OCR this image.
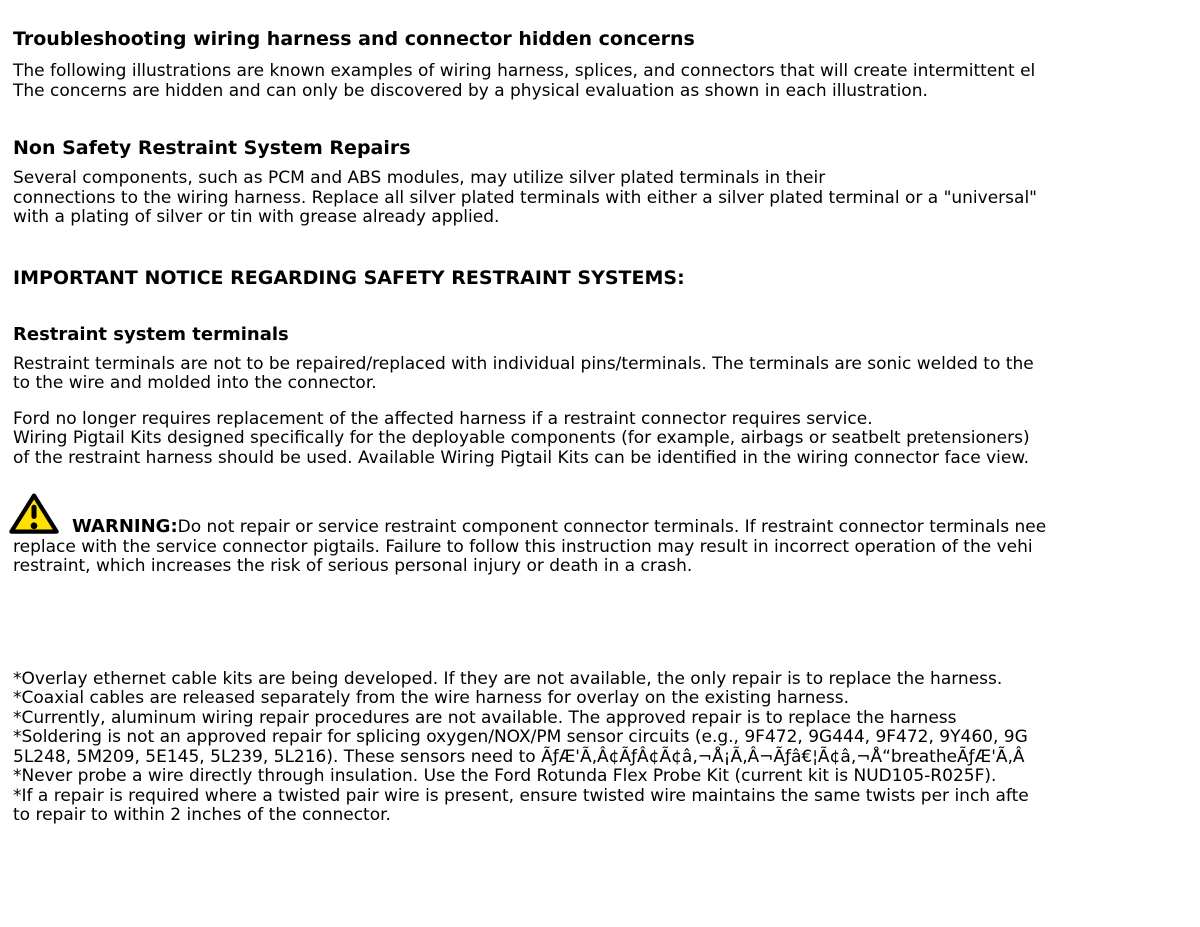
Troubleshooting wiring harness and connector hidden concerns
The following illustrations are known examples of wiring harness, splices, and connectors that will create intermittent el
The concerns are hidden and can only be discovered by a physical evaluation as shown in each illustration.
Non Safety Restraint System Repairs
Several components, such as PCM and ABS modules, may utilize silver plated terminals in their
connections to the wiring harness. Replace all silver plated terminals with either a silver plated terminal or a "universal"
with a plating of silver or tin with grease already applied.
IMPORTANT NOTICE REGARDING SAFETY RESTRAINT SYSTEMS:
Restraint system terminals
Restraint terminals are not to be repaired/replaced with individual pins/terminals. The terminals are sonic welded to the
to the wire and molded into the connector.
Ford no longer requires replacement of the affected harness if a restraint connector requires service.
Wiring Pigtail Kits designed specifically for the deployable components (for example, airbags or seatbelt pretensioners)
of the restraint harness should be used. Available Wiring Pigtail Kits can be identified in the wiring connector face view.
WARNING:Do not repair or service restraint component connector terminals. If restraint connector terminals nee
replace with the service connector pigtails. Failure to follow this instruction may result in incorrect operation of the vehi
restraint, which increases the risk of serious personal injury or death in a crash.
*Overlay ethernet cable kits are being developed. If they are not available, the only repair is to replace the harness.
*Coaxial cables are released separately from the wire harness for overlay on the existing harness.
*Currently, aluminum wiring repair procedures are not available. The approved repair is to replace the harness
*Soldering is not an approved repair for splicing oxygen/NOX/PM sensor circuits (e.g., 9F472, 9G444, 9F472, 9Y460, 9G
5L248, 5M209, 5E145, 5L239, 5L216). These sensors need to ÃƒÆ'Ã‚Â¢ÃƒÂ¢Ã¢â‚¬Å¡Ã‚Â¬Ãƒâ€¦Ã¢â‚¬Å“breatheÃƒÆ'Ã‚Â
*Never probe a wire directly through insulation. Use the Ford Rotunda Flex Probe Kit (current kit is NUD105-R025F).
*If a repair is required where a twisted pair wire is present, ensure twisted wire maintains the same twists per inch afte
to repair to within 2 inches of the connector.
